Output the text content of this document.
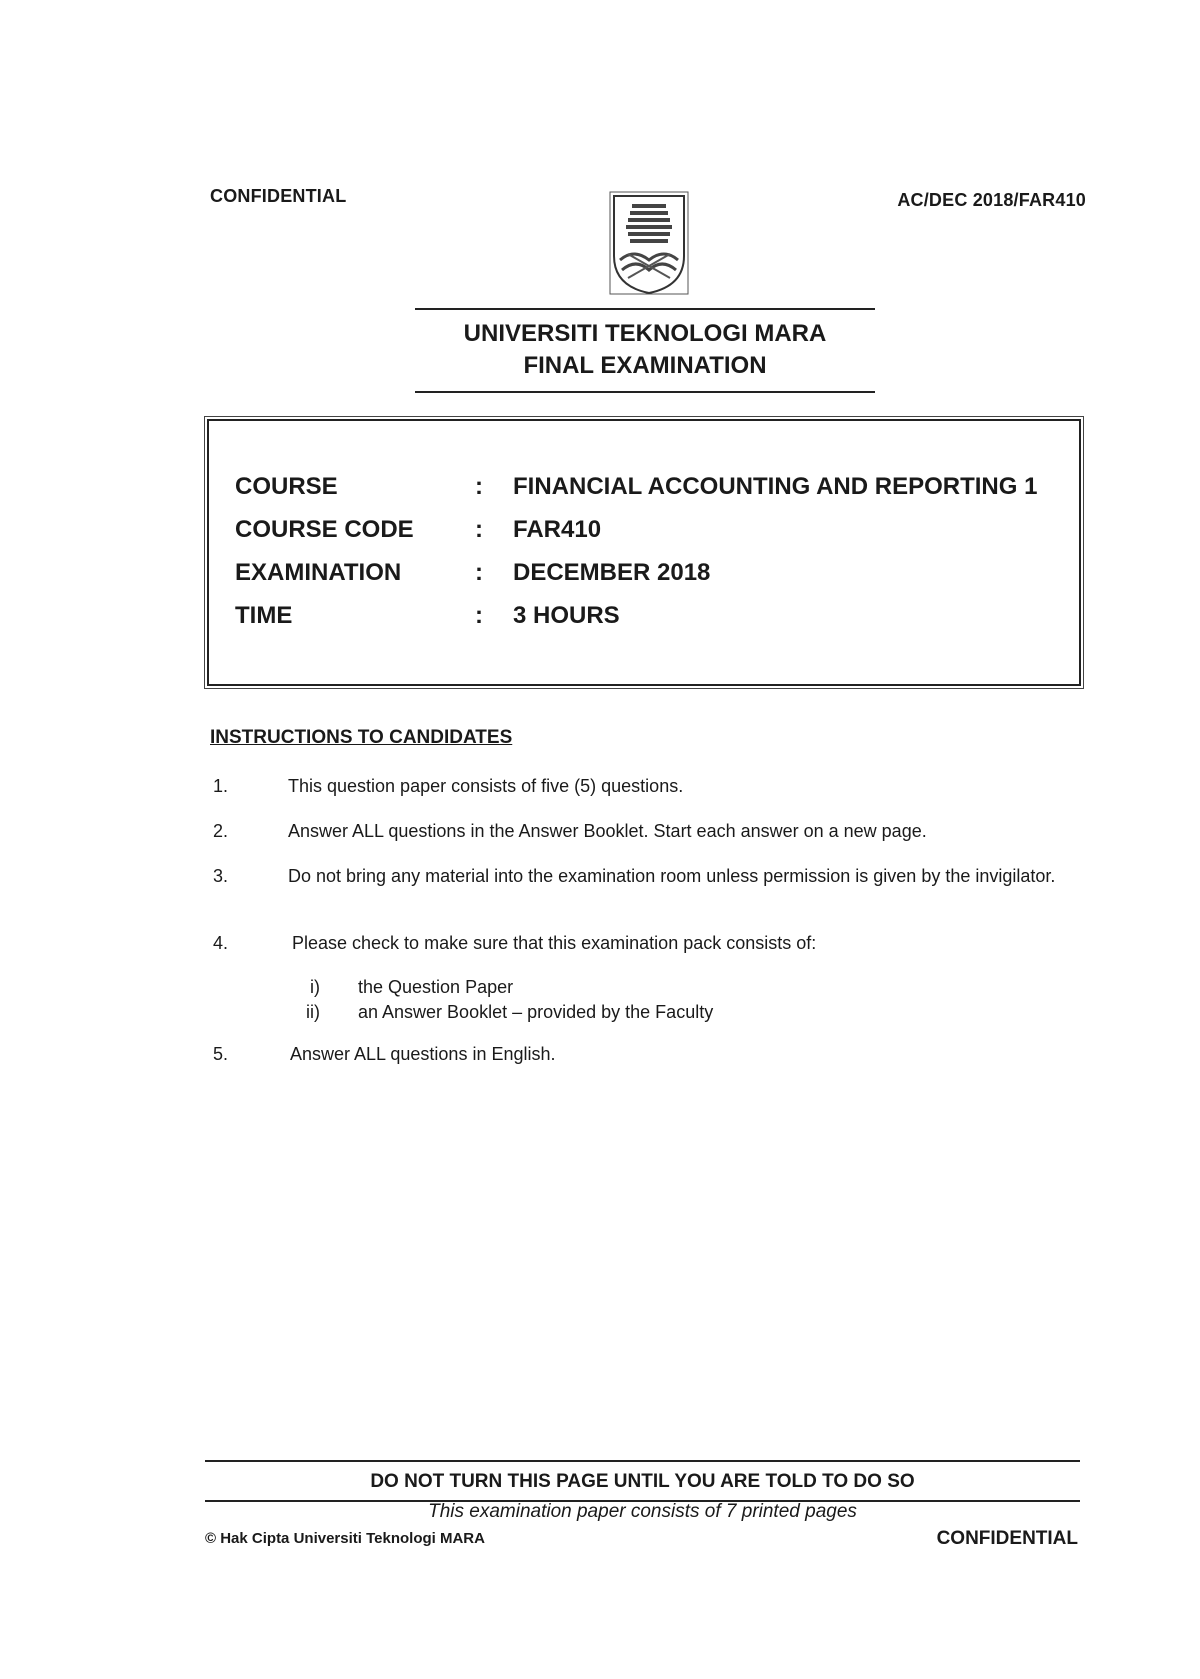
CONFIDENTIAL	AC/DEC 2018/FAR410
UNIVERSITI TEKNOLOGI MARA
FINAL EXAMINATION
COURSE	:	FINANCIAL ACCOUNTING AND REPORTING 1
COURSE CODE	:	FAR410
EXAMINATION	:	DECEMBER 2018
TIME	:	3 HOURS
INSTRUCTIONS TO CANDIDATES
1.	This question paper consists of five (5) questions.
2.	Answer ALL questions in the Answer Booklet. Start each answer on a new page.
3.	Do not bring any material into the examination room unless permission is given by the invigilator.
4.	Please check to make sure that this examination pack consists of:
i) the Question Paper
ii) an Answer Booklet – provided by the Faculty
5.	Answer ALL questions in English.
DO NOT TURN THIS PAGE UNTIL YOU ARE TOLD TO DO SO
This examination paper consists of 7 printed pages
© Hak Cipta Universiti Teknologi MARA	CONFIDENTIAL
